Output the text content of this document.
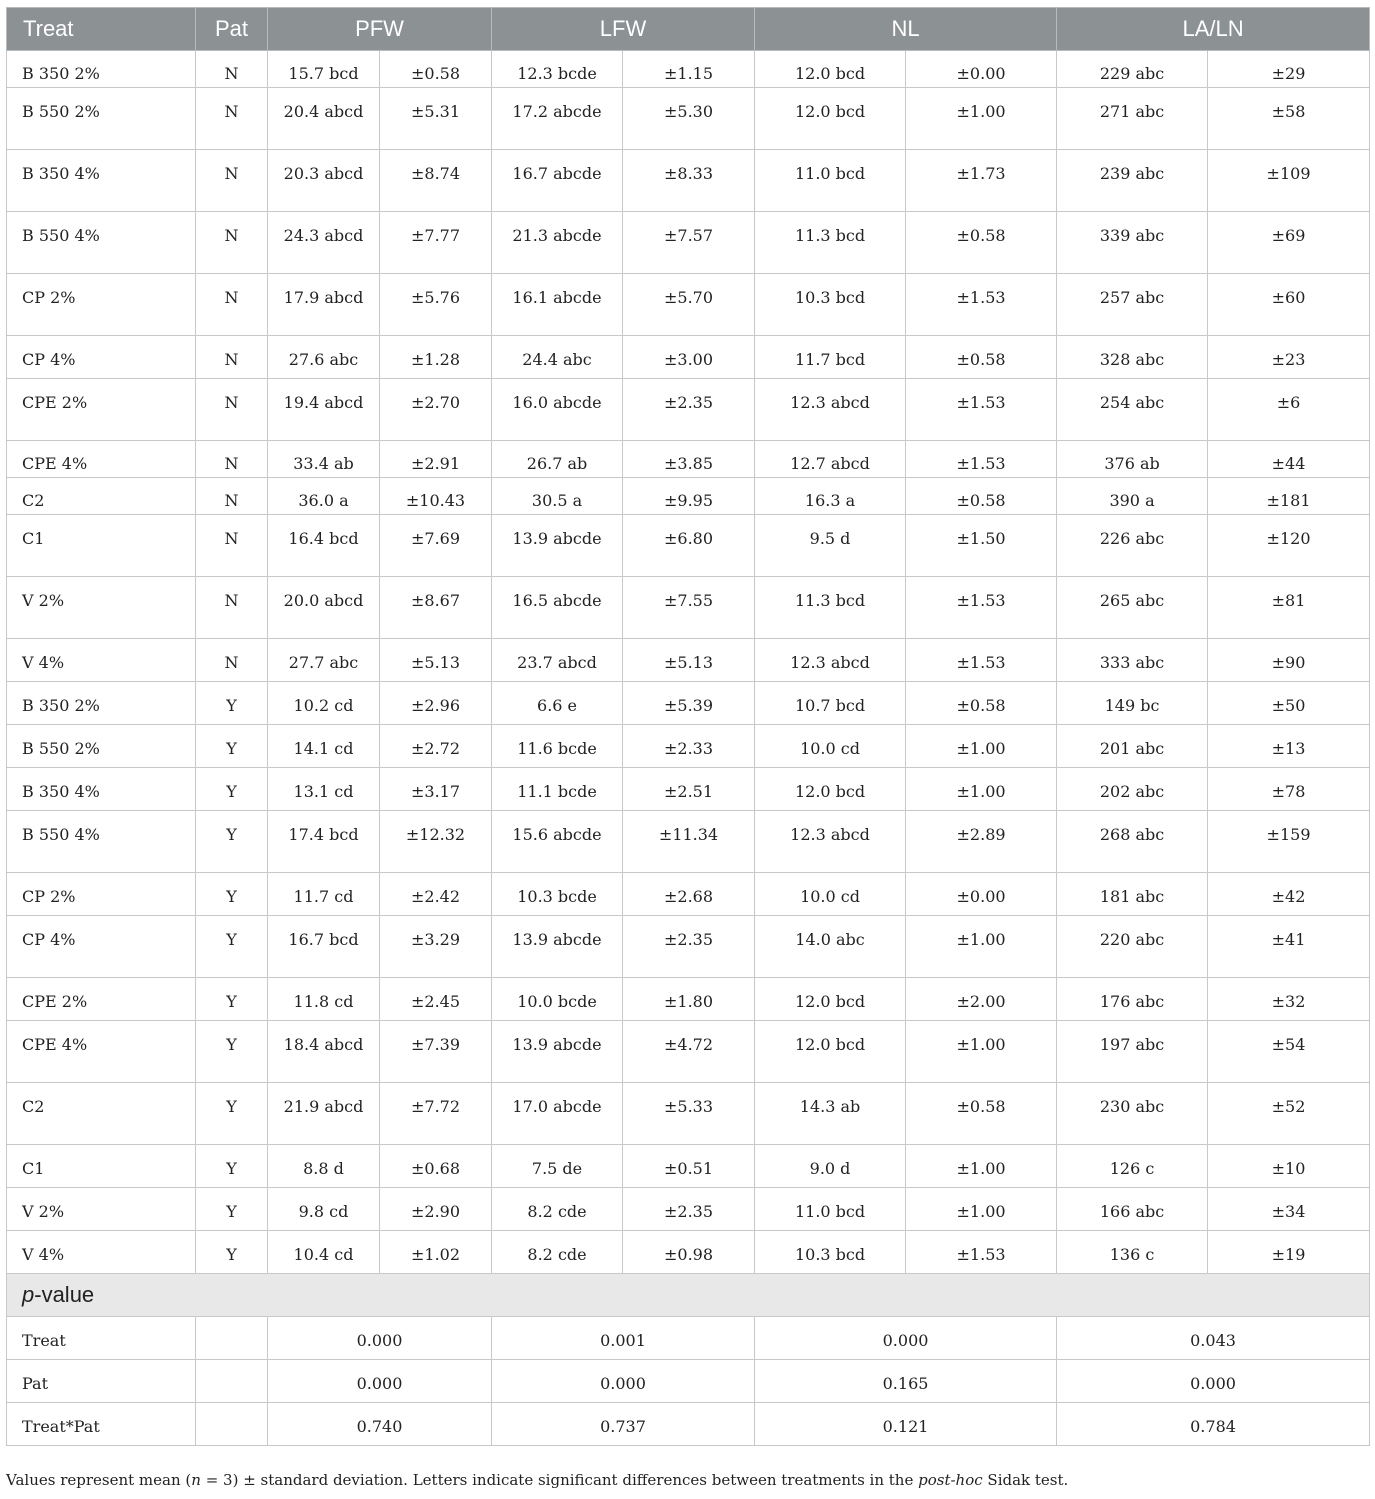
Treat	Pat	PFW		LFW		NL		LA/LN	
B 350 2%	N	15.7 bcd	±0.58	12.3 bcde	±1.15	12.0 bcd	±0.00	229 abc	±29
B 550 2%	N	20.4 abcd	±5.31	17.2 abcde	±5.30	12.0 bcd	±1.00	271 abc	±58
B 350 4%	N	20.3 abcd	±8.74	16.7 abcde	±8.33	11.0 bcd	±1.73	239 abc	±109
B 550 4%	N	24.3 abcd	±7.77	21.3 abcde	±7.57	11.3 bcd	±0.58	339 abc	±69
CP 2%	N	17.9 abcd	±5.76	16.1 abcde	±5.70	10.3 bcd	±1.53	257 abc	±60
CP 4%	N	27.6 abc	±1.28	24.4 abc	±3.00	11.7 bcd	±0.58	328 abc	±23
CPE 2%	N	19.4 abcd	±2.70	16.0 abcde	±2.35	12.3 abcd	±1.53	254 abc	±6
CPE 4%	N	33.4 ab	±2.91	26.7 ab	±3.85	12.7 abcd	±1.53	376 ab	±44
C2	N	36.0 a	±10.43	30.5 a	±9.95	16.3 a	±0.58	390 a	±181
C1	N	16.4 bcd	±7.69	13.9 abcde	±6.80	9.5 d	±1.50	226 abc	±120
V 2%	N	20.0 abcd	±8.67	16.5 abcde	±7.55	11.3 bcd	±1.53	265 abc	±81
V 4%	N	27.7 abc	±5.13	23.7 abcd	±5.13	12.3 abcd	±1.53	333 abc	±90
B 350 2%	Y	10.2 cd	±2.96	6.6 e	±5.39	10.7 bcd	±0.58	149 bc	±50
B 550 2%	Y	14.1 cd	±2.72	11.6 bcde	±2.33	10.0 cd	±1.00	201 abc	±13
B 350 4%	Y	13.1 cd	±3.17	11.1 bcde	±2.51	12.0 bcd	±1.00	202 abc	±78
B 550 4%	Y	17.4 bcd	±12.32	15.6 abcde	±11.34	12.3 abcd	±2.89	268 abc	±159
CP 2%	Y	11.7 cd	±2.42	10.3 bcde	±2.68	10.0 cd	±0.00	181 abc	±42
CP 4%	Y	16.7 bcd	±3.29	13.9 abcde	±2.35	14.0 abc	±1.00	220 abc	±41
CPE 2%	Y	11.8 cd	±2.45	10.0 bcde	±1.80	12.0 bcd	±2.00	176 abc	±32
CPE 4%	Y	18.4 abcd	±7.39	13.9 abcde	±4.72	12.0 bcd	±1.00	197 abc	±54
C2	Y	21.9 abcd	±7.72	17.0 abcde	±5.33	14.3 ab	±0.58	230 abc	±52
C1	Y	8.8 d	±0.68	7.5 de	±0.51	9.0 d	±1.00	126 c	±10
V 2%	Y	9.8 cd	±2.90	8.2 cde	±2.35	11.0 bcd	±1.00	166 abc	±34
V 4%	Y	10.4 cd	±1.02	8.2 cde	±0.98	10.3 bcd	±1.53	136 c	±19
p-value									
Treat		0.000		0.001		0.000		0.043	
Pat		0.000		0.000		0.165		0.000	
Treat*Pat		0.740		0.737		0.121		0.784	
Values represent mean (n = 3) ± standard deviation. Letters indicate significant differences between treatments in the post-hoc Sidak test.
